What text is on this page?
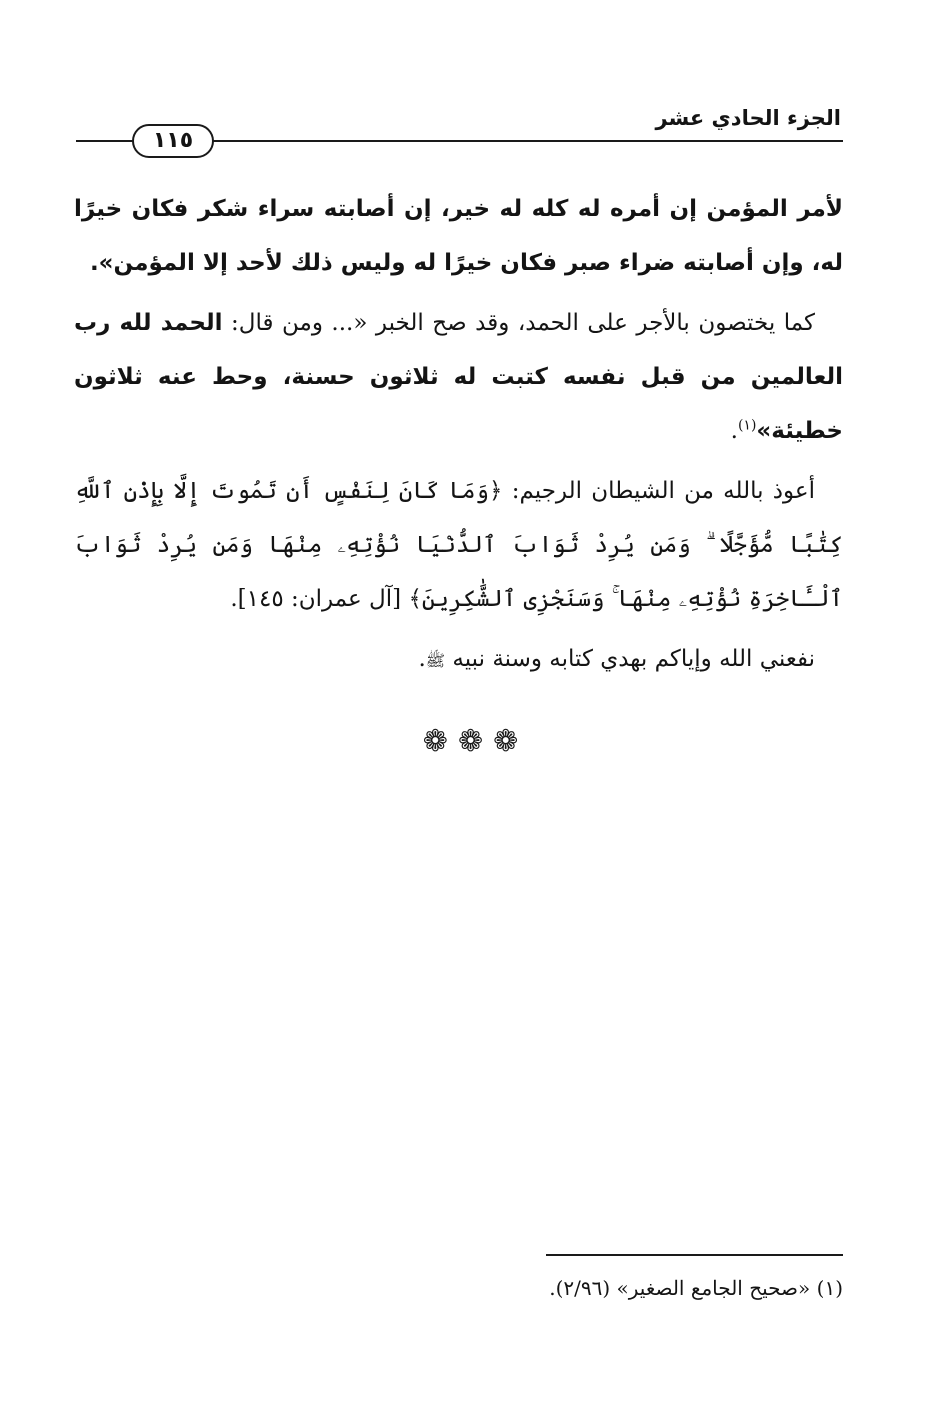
الجزء الحادي عشر
١١٥

لأمر المؤمن إن أمره له كله له خير، إن أصابته سراء شكر فكان خيرًا له، وإن أصابته ضراء صبر فكان خيرًا له وليس ذلك لأحد إلا المؤمن».

كما يختصون بالأجر على الحمد، وقد صح الخبر «... ومن قال: الحمد لله رب العالمين من قبل نفسه كتبت له ثلاثون حسنة، وحط عنه ثلاثون خطيئة»$^{(١)}$.

أعوذ بالله من الشيطان الرجيم: ﴿وَمَا كَانَ لِنَفْسٍ أَن تَمُوتَ إِلَّا بِإِذْنِ ٱللَّهِ كِتَٰبًا مُّؤَجَّلًا ۗ وَمَن يُرِدْ ثَوَابَ ٱلدُّنْيَا نُؤْتِهِۦ مِنْهَا وَمَن يُرِدْ ثَوَابَ ٱلْـَٔاخِرَةِ نُؤْتِهِۦ مِنْهَا ۚ وَسَنَجْزِى ٱلشَّٰكِرِينَ﴾ [آل عمران: ١٤٥].

نفعني الله وإياكم بهدي كتابه وسنة نبيه ﷺ.

❁
❁
❁
(١) «صحيح الجامع الصغير» (٢/٩٦).
